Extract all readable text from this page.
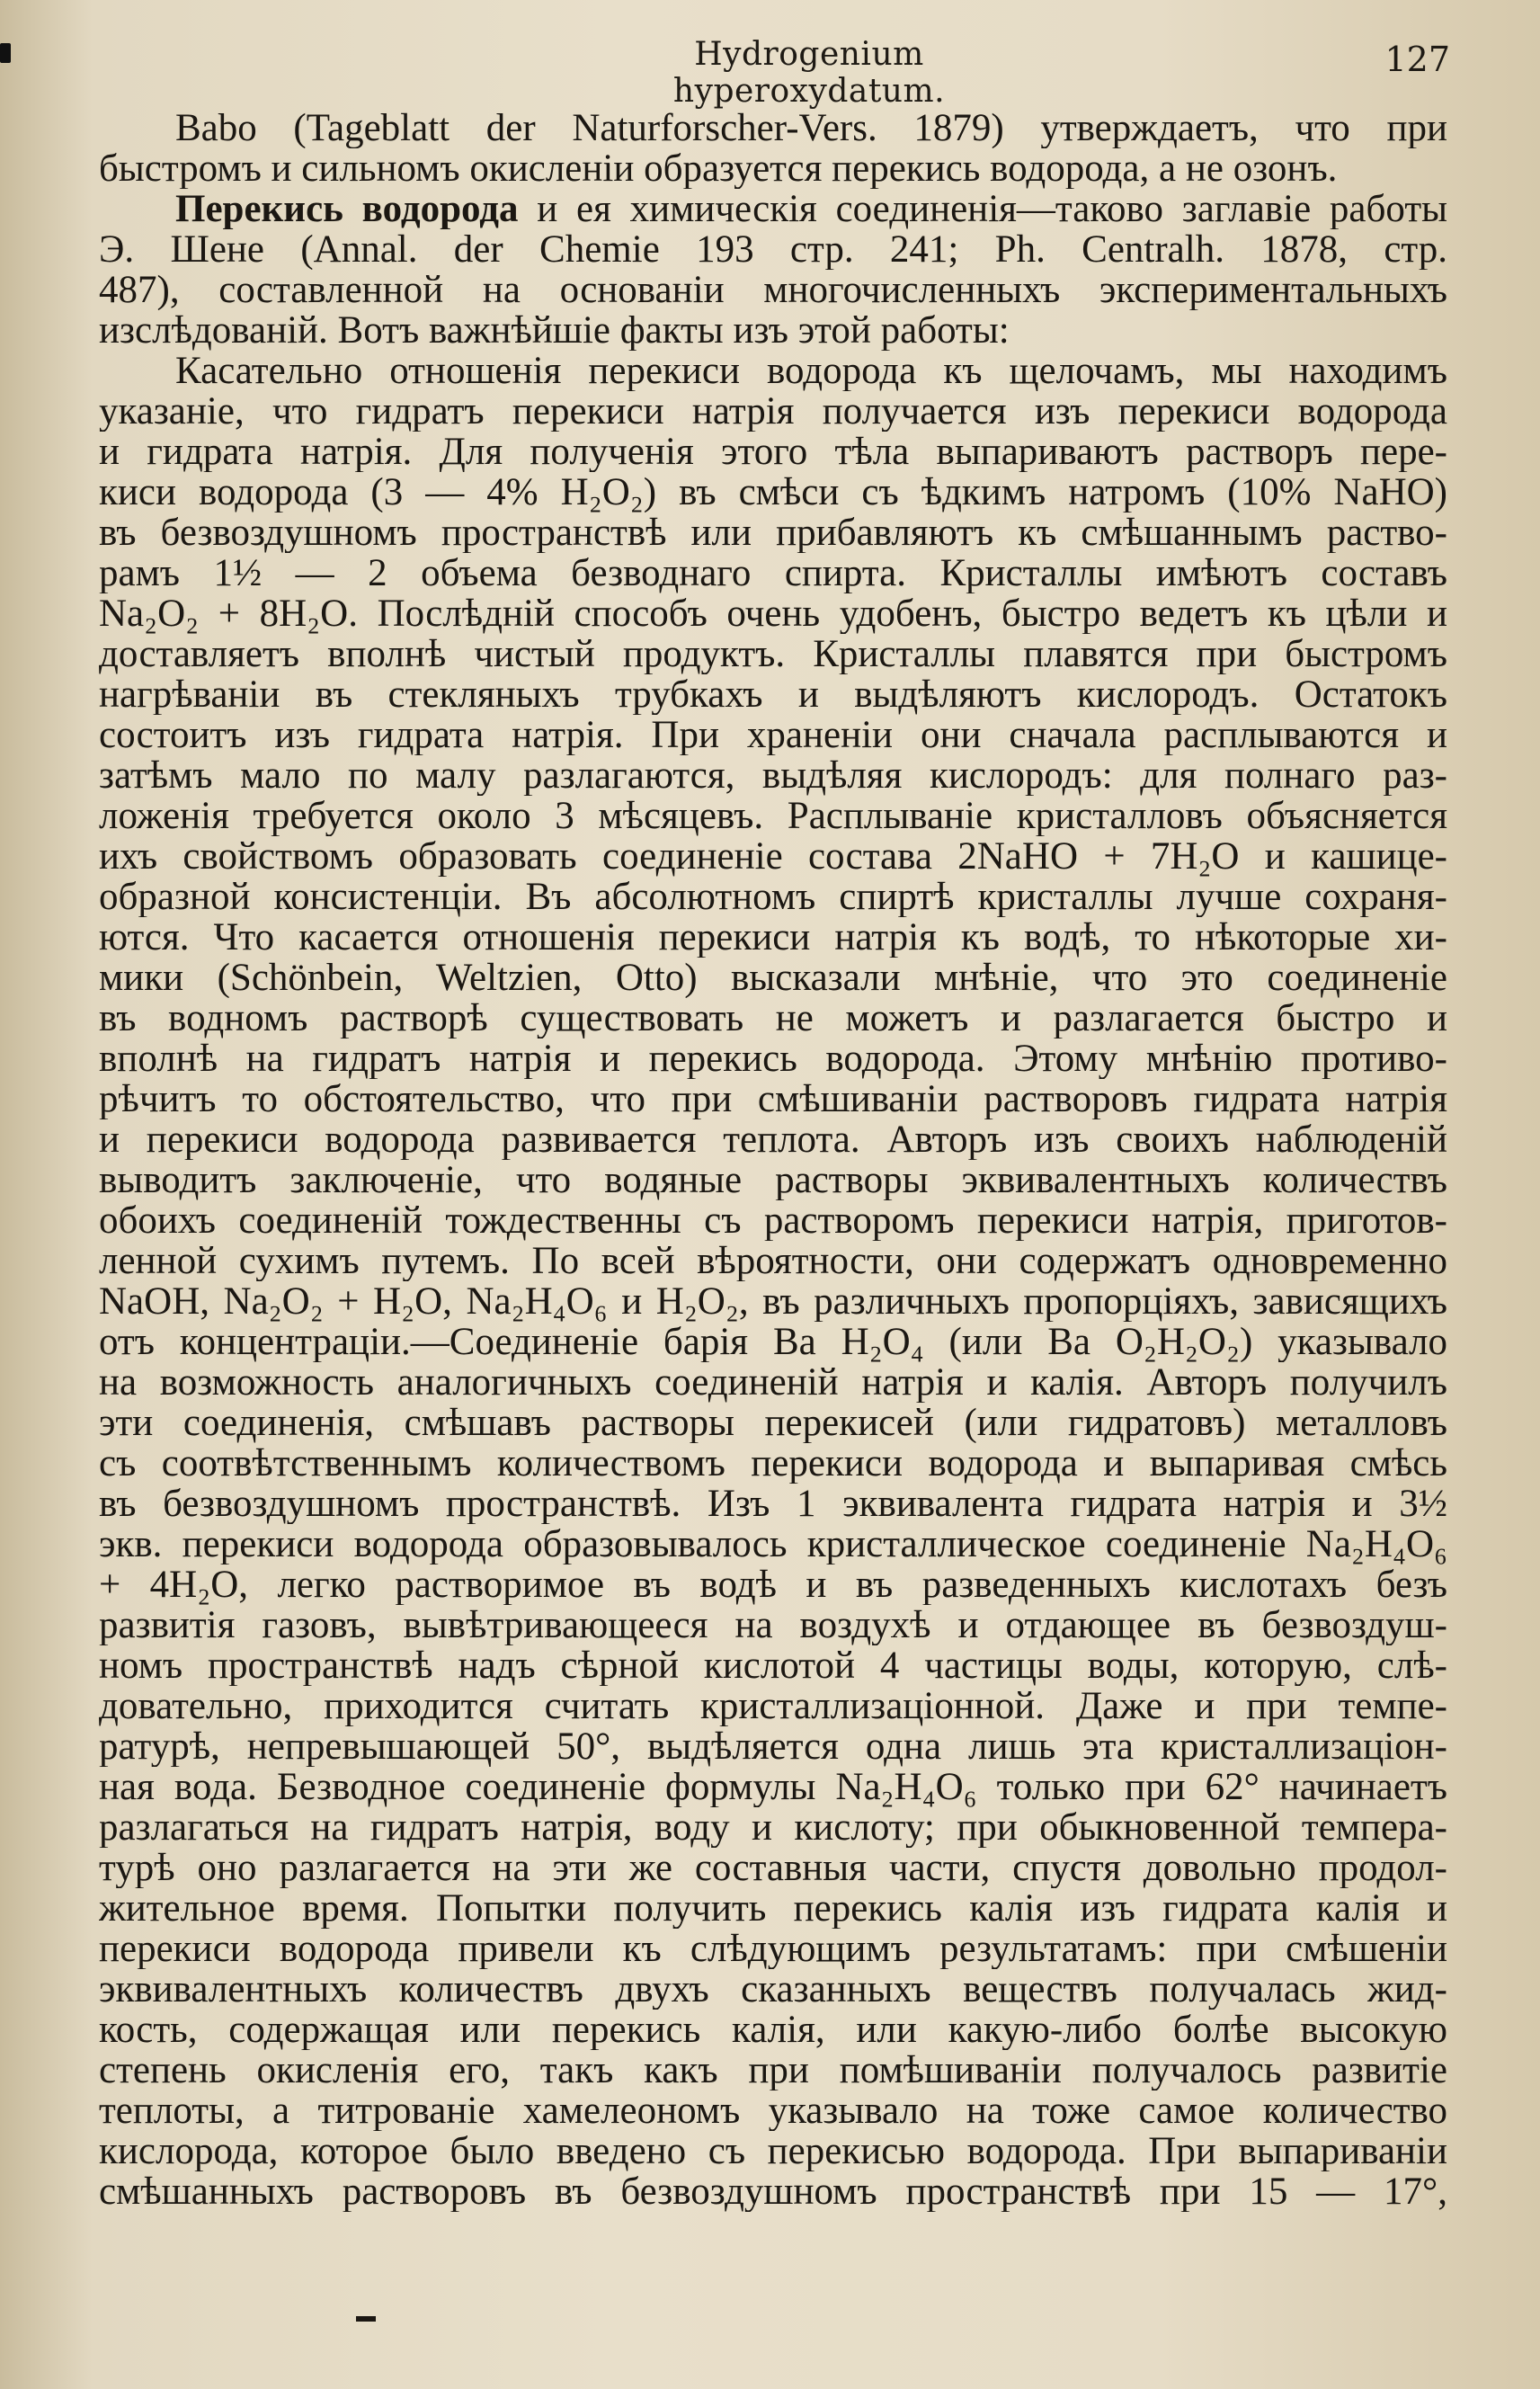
Hydrogenium hyperoxydatum.
127
Babo (Tageblatt der Naturforscher-Vers. 1879) утверждаетъ, что при
быстромъ и сильномъ окисленіи образуется перекись водорода, а не озонъ.
Перекись водорода и ея химическія соединенія—таково заглавіе работы
Э. Шене (Annal. der Chemie 193 стр. 241; Ph. Centralh. 1878, стр.
487), составленной на основаніи многочисленныхъ экспериментальныхъ
изслѣдованій. Вотъ важнѣйшіе факты изъ этой работы:
Касательно отношенія перекиси водорода къ щелочамъ, мы находимъ
указаніе, что гидратъ перекиси натрія получается изъ перекиси водорода
и гидрата натрія. Для полученія этого тѣла выпариваютъ растворъ пере-
киси водорода (3 — 4% H₂O₂) въ смѣси съ ѣдкимъ натромъ (10% NaHO)
въ безвоздушномъ пространствѣ или прибавляютъ къ смѣшаннымъ раство-
рамъ 1½ — 2 объема безводнаго спирта. Кристаллы имѣютъ составъ
Na₂O₂ + 8H₂O. Послѣдній способъ очень удобенъ, быстро ведетъ къ цѣли и
доставляетъ вполнѣ чистый продуктъ. Кристаллы плавятся при быстромъ
нагрѣваніи въ стекляныхъ трубкахъ и выдѣляютъ кислородъ. Остатокъ
состоитъ изъ гидрата натрія. При храненіи они сначала расплываются и
затѣмъ мало по малу разлагаются, выдѣляя кислородъ: для полнаго раз-
ложенія требуется около 3 мѣсяцевъ. Расплываніе кристалловъ объясняется
ихъ свойствомъ образовать соединеніе состава 2NaHO + 7H₂O и кашице-
образной консистенціи. Въ абсолютномъ спиртѣ кристаллы лучше сохраня-
ются. Что касается отношенія перекиси натрія къ водѣ, то нѣкоторые хи-
мики (Schönbein, Weltzien, Otto) высказали мнѣніе, что это соединеніе
въ водномъ растворѣ существовать не можетъ и разлагается быстро и
вполнѣ на гидратъ натрія и перекись водорода. Этому мнѣнію противо-
рѣчитъ то обстоятельство, что при смѣшиваніи растворовъ гидрата натрія
и перекиси водорода развивается теплота. Авторъ изъ своихъ наблюденій
выводитъ заключеніе, что водяные растворы эквивалентныхъ количествъ
обоихъ соединеній тождественны съ растворомъ перекиси натрія, приготов-
ленной сухимъ путемъ. По всей вѣроятности, они содержатъ одновременно
NaOH, Na₂O₂ + H₂O, Na₂H₄O₆ и H₂O₂, въ различныхъ пропорціяхъ, зависящихъ
отъ концентраціи.—Соединеніе барія Ba H₂O₄ (или Ba O₂H₂O₂) указывало
на возможность аналогичныхъ соединеній натрія и калія. Авторъ получилъ
эти соединенія, смѣшавъ растворы перекисей (или гидратовъ) металловъ
съ соотвѣтственнымъ количествомъ перекиси водорода и выпаривая смѣсь
въ безвоздушномъ пространствѣ. Изъ 1 эквивалента гидрата натрія и 3½
экв. перекиси водорода образовывалось кристаллическое соединеніе Na₂H₄O₆
+ 4H₂O, легко растворимое въ водѣ и въ разведенныхъ кислотахъ безъ
развитія газовъ, вывѣтривающееся на воздухѣ и отдающее въ безвоздуш-
номъ пространствѣ надъ сѣрной кислотой 4 частицы воды, которую, слѣ-
довательно, приходится считать кристаллизаціонной. Даже и при темпе-
ратурѣ, непревышающей 50°, выдѣляется одна лишь эта кристаллизаціон-
ная вода. Безводное соединеніе формулы Na₂H₄O₆ только при 62° начинаетъ
разлагаться на гидратъ натрія, воду и кислоту; при обыкновенной темпера-
турѣ оно разлагается на эти же составныя части, спустя довольно продол-
жительное время. Попытки получить перекись калія изъ гидрата калія и
перекиси водорода привели къ слѣдующимъ результатамъ: при смѣшеніи
эквивалентныхъ количествъ двухъ сказанныхъ веществъ получалась жид-
кость, содержащая или перекись калія, или какую-либо болѣе высокую
степень окисленія его, такъ какъ при помѣшиваніи получалось развитіе
теплоты, а титрованіе хамелеономъ указывало на тоже самое количество
кислорода, которое было введено съ перекисью водорода. При выпариваніи
смѣшанныхъ растворовъ въ безвоздушномъ пространствѣ при 15 — 17°,
